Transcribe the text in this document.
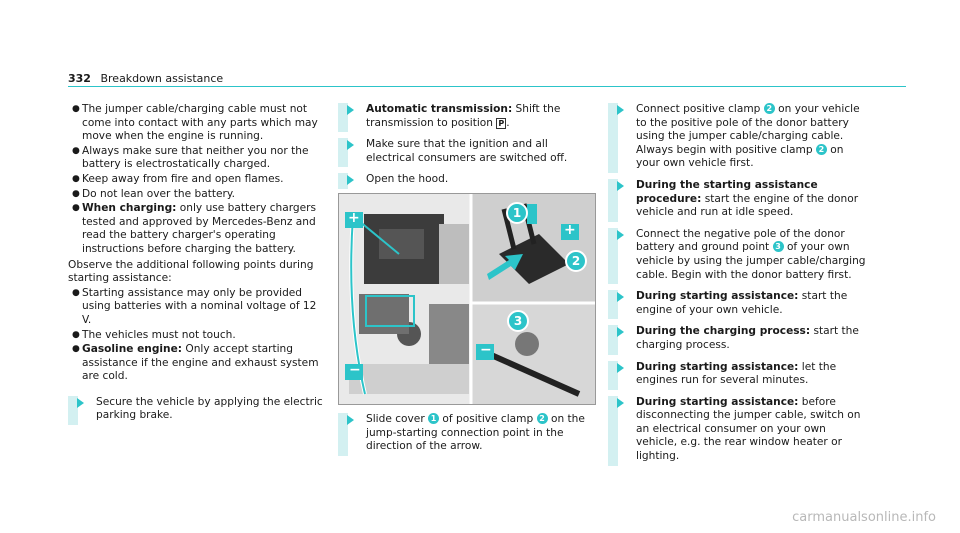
332 Breakdown assistance
● The jumper cable/charging cable must not come into contact with any parts which may move when the engine is running.
● Always make sure that neither you nor the battery is electrostatically charged.
● Keep away from fire and open flames.
● Do not lean over the battery.
● When charging: only use battery chargers tested and approved by Mercedes-Benz and read the battery charger's operating instructions before charging the battery.
Observe the additional following points during starting assistance:
● Starting assistance may only be provided using batteries with a nominal voltage of 12 V.
● The vehicles must not touch.
● Gasoline engine: Only accept starting assistance if the engine and exhaust system are cold.
Secure the vehicle by applying the electric parking brake.
Automatic transmission: Shift the transmission to position P .
Make sure that the ignition and all electrical consumers are switched off.
Open the hood.
+
−
+
−
1
2
3
Slide cover 1 of positive clamp 2 on the jump-starting connection point in the direction of the arrow.
Connect positive clamp 2 on your vehicle to the positive pole of the donor battery using the jumper cable/charging cable. Always begin with positive clamp 2 on your own vehicle first.
During the starting assistance procedure: start the engine of the donor vehicle and run at idle speed.
Connect the negative pole of the donor battery and ground point 3 of your own vehicle by using the jumper cable/charging cable. Begin with the donor battery first.
During starting assistance: start the engine of your own vehicle.
During the charging process: start the charging process.
During starting assistance: let the engines run for several minutes.
During starting assistance: before disconnecting the jumper cable, switch on an electrical consumer on your own vehicle, e.g. the rear window heater or lighting.
carmanualsonline.info
